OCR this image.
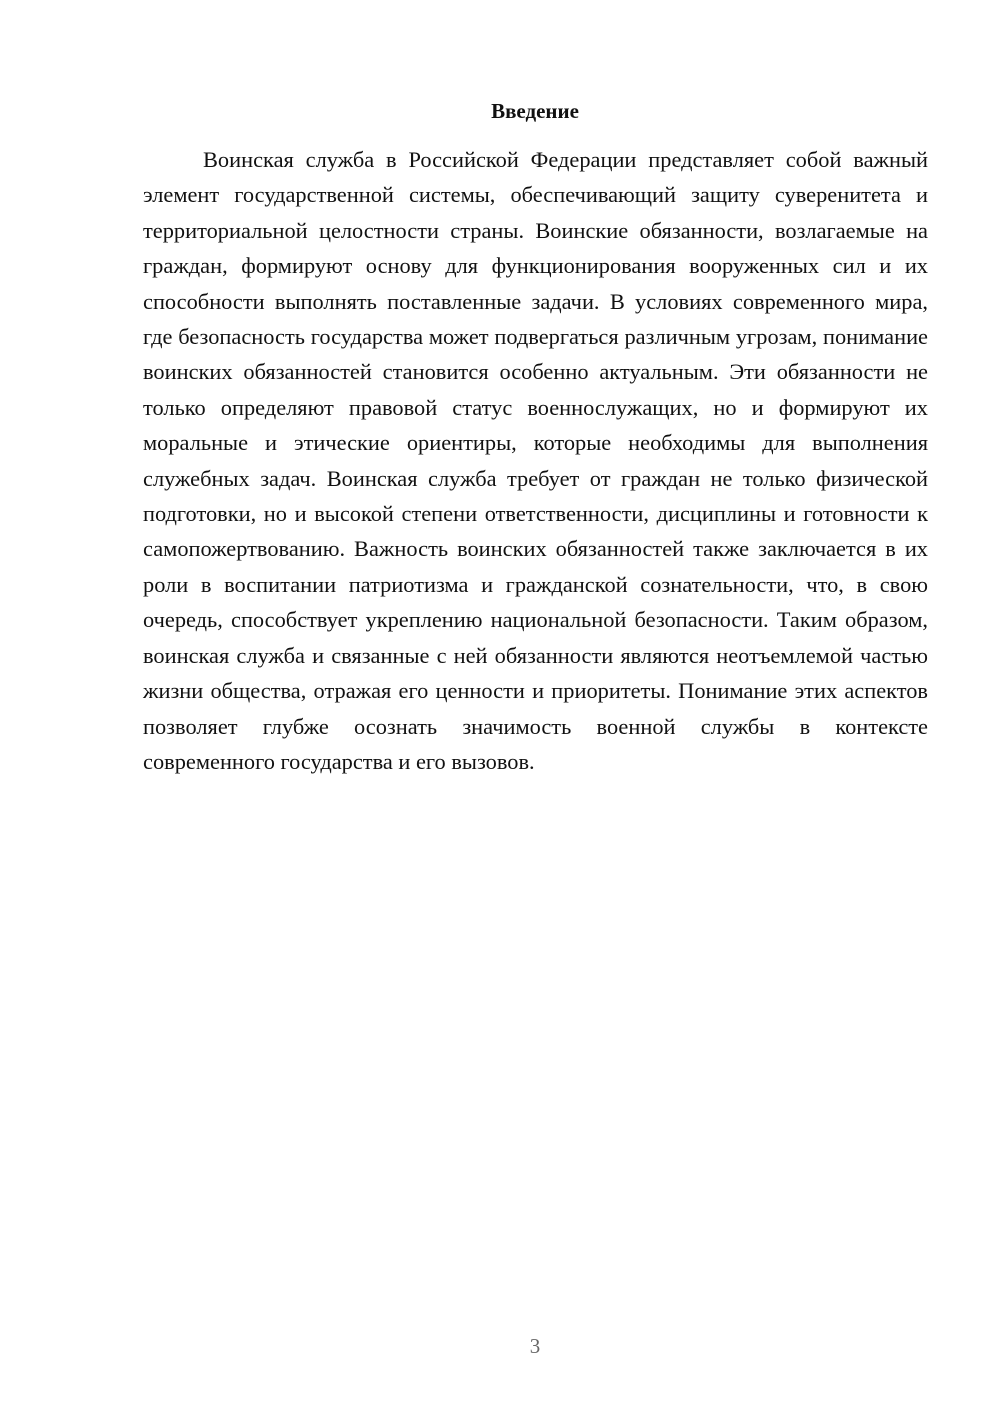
Введение

Воинская служба в Российской Федерации представляет собой важный элемент государственной системы, обеспечивающий защиту суверенитета и территориальной целостности страны. Воинские обязанности, возлагаемые на граждан, формируют основу для функционирования вооруженных сил и их способности выполнять поставленные задачи. В условиях современного мира, где безопасность государства может подвергаться различным угрозам, понимание воинских обязанностей становится особенно актуальным. Эти обязанности не только определяют правовой статус военнослужащих, но и формируют их моральные и этические ориентиры, которые необходимы для выполнения служебных задач. Воинская служба требует от граждан не только физической подготовки, но и высокой степени ответственности, дисциплины и готовности к самопожертвованию. Важность воинских обязанностей также заключается в их роли в воспитании патриотизма и гражданской сознательности, что, в свою очередь, способствует укреплению национальной безопасности. Таким образом, воинская служба и связанные с ней обязанности являются неотъемлемой частью жизни общества, отражая его ценности и приоритеты. Понимание этих аспектов позволяет глубже осознать значимость военной службы в контексте современного государства и его вызовов.

3
